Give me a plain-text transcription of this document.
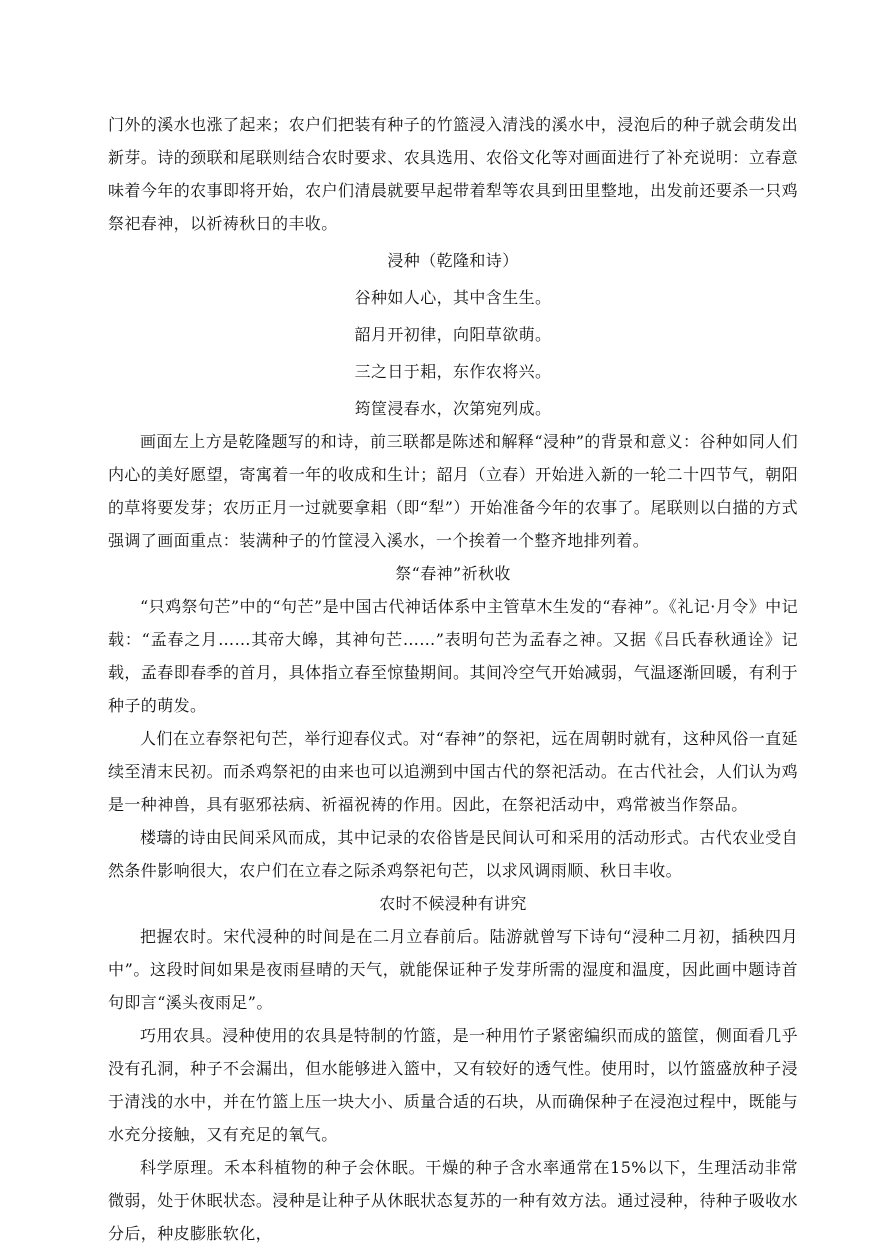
门外的溪水也涨了起来；农户们把装有种子的竹篮浸入清浅的溪水中，浸泡后的种子就会萌发出新芽。诗的颈联和尾联则结合农时要求、农具选用、农俗文化等对画面进行了补充说明：立春意味着今年的农事即将开始，农户们清晨就要早起带着犁等农具到田里整地，出发前还要杀一只鸡祭祀春神，以祈祷秋日的丰收。

浸种（乾隆和诗）

谷种如人心，其中含生生。

韶月开初律，向阳草欲萌。

三之日于耜，东作农将兴。

筠筐浸春水，次第宛列成。

画面左上方是乾隆题写的和诗，前三联都是陈述和解释“浸种”的背景和意义：谷种如同人们内心的美好愿望，寄寓着一年的收成和生计；韶月（立春）开始进入新的一轮二十四节气，朝阳的草将要发芽；农历正月一过就要拿耜（即“犁”）开始准备今年的农事了。尾联则以白描的方式强调了画面重点：装满种子的竹筐浸入溪水，一个挨着一个整齐地排列着。

祭“春神”祈秋收

“只鸡祭句芒”中的“句芒”是中国古代神话体系中主管草木生发的“春神”。《礼记·月令》中记载：“孟春之月……其帝大皞，其神句芒……”表明句芒为孟春之神。又据《吕氏春秋通诠》记载，孟春即春季的首月，具体指立春至惊蛰期间。其间冷空气开始减弱，气温逐渐回暖，有利于种子的萌发。

人们在立春祭祀句芒，举行迎春仪式。对“春神”的祭祀，远在周朝时就有，这种风俗一直延续至清末民初。而杀鸡祭祀的由来也可以追溯到中国古代的祭祀活动。在古代社会，人们认为鸡是一种神兽，具有驱邪祛病、祈福祝祷的作用。因此，在祭祀活动中，鸡常被当作祭品。

楼璹的诗由民间采风而成，其中记录的农俗皆是民间认可和采用的活动形式。古代农业受自然条件影响很大，农户们在立春之际杀鸡祭祀句芒，以求风调雨顺、秋日丰收。

农时不候浸种有讲究

把握农时。宋代浸种的时间是在二月立春前后。陆游就曾写下诗句“浸种二月初，插秧四月中”。这段时间如果是夜雨昼晴的天气，就能保证种子发芽所需的湿度和温度，因此画中题诗首句即言“溪头夜雨足”。

巧用农具。浸种使用的农具是特制的竹篮，是一种用竹子紧密编织而成的篮筐，侧面看几乎没有孔洞，种子不会漏出，但水能够进入篮中，又有较好的透气性。使用时，以竹篮盛放种子浸于清浅的水中，并在竹篮上压一块大小、质量合适的石块，从而确保种子在浸泡过程中，既能与水充分接触，又有充足的氧气。

科学原理。禾本科植物的种子会休眠。干燥的种子含水率通常在15%以下，生理活动非常微弱，处于休眠状态。浸种是让种子从休眠状态复苏的一种有效方法。通过浸种，待种子吸收水分后，种皮膨胀软化，
